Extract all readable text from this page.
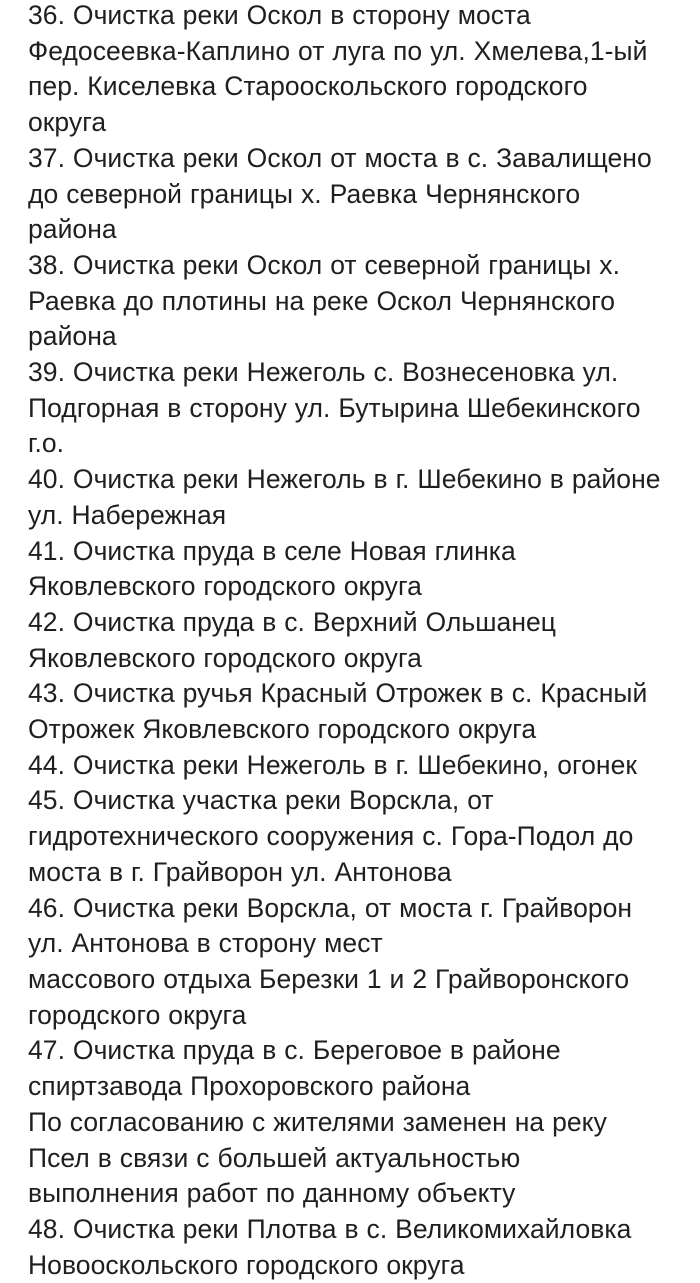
36. Очистка реки Оскол в сторону моста
Федосеевка-Каплино от луга по ул. Хмелева,1-ый
пер. Киселевка Старооскольского городского
округа
37. Очистка реки Оскол от моста в с. Завалищено
до северной границы х. Раевка Чернянского
района
38. Очистка реки Оскол от северной границы х.
Раевка до плотины на реке Оскол Чернянского
района
39. Очистка реки Нежеголь с. Вознесеновка ул.
Подгорная в сторону ул. Бутырина Шебекинского
г.о.
40. Очистка реки Нежеголь в г. Шебекино в районе
ул. Набережная
41. Очистка пруда в селе Новая глинка
Яковлевского городского округа
42. Очистка пруда в с. Верхний Ольшанец
Яковлевского городского округа
43. Очистка ручья Красный Отрожек в с. Красный
Отрожек Яковлевского городского округа
44. Очистка реки Нежеголь в г. Шебекино, огонек
45. Очистка участка реки Ворскла, от
гидротехнического сооружения с. Гора-Подол до
моста в г. Грайворон ул. Антонова
46. Очистка реки Ворскла, от моста г. Грайворон
ул. Антонова в сторону мест
массового отдыха Березки 1 и 2 Грайворонского
городского округа
47. Очистка пруда в с. Береговое в районе
спиртзавода Прохоровского района
По согласованию с жителями заменен на реку
Псел в связи с большей актуальностью
выполнения работ по данному объекту
48. Очистка реки Плотва в с. Великомихайловка
Новооскольского городского округа
